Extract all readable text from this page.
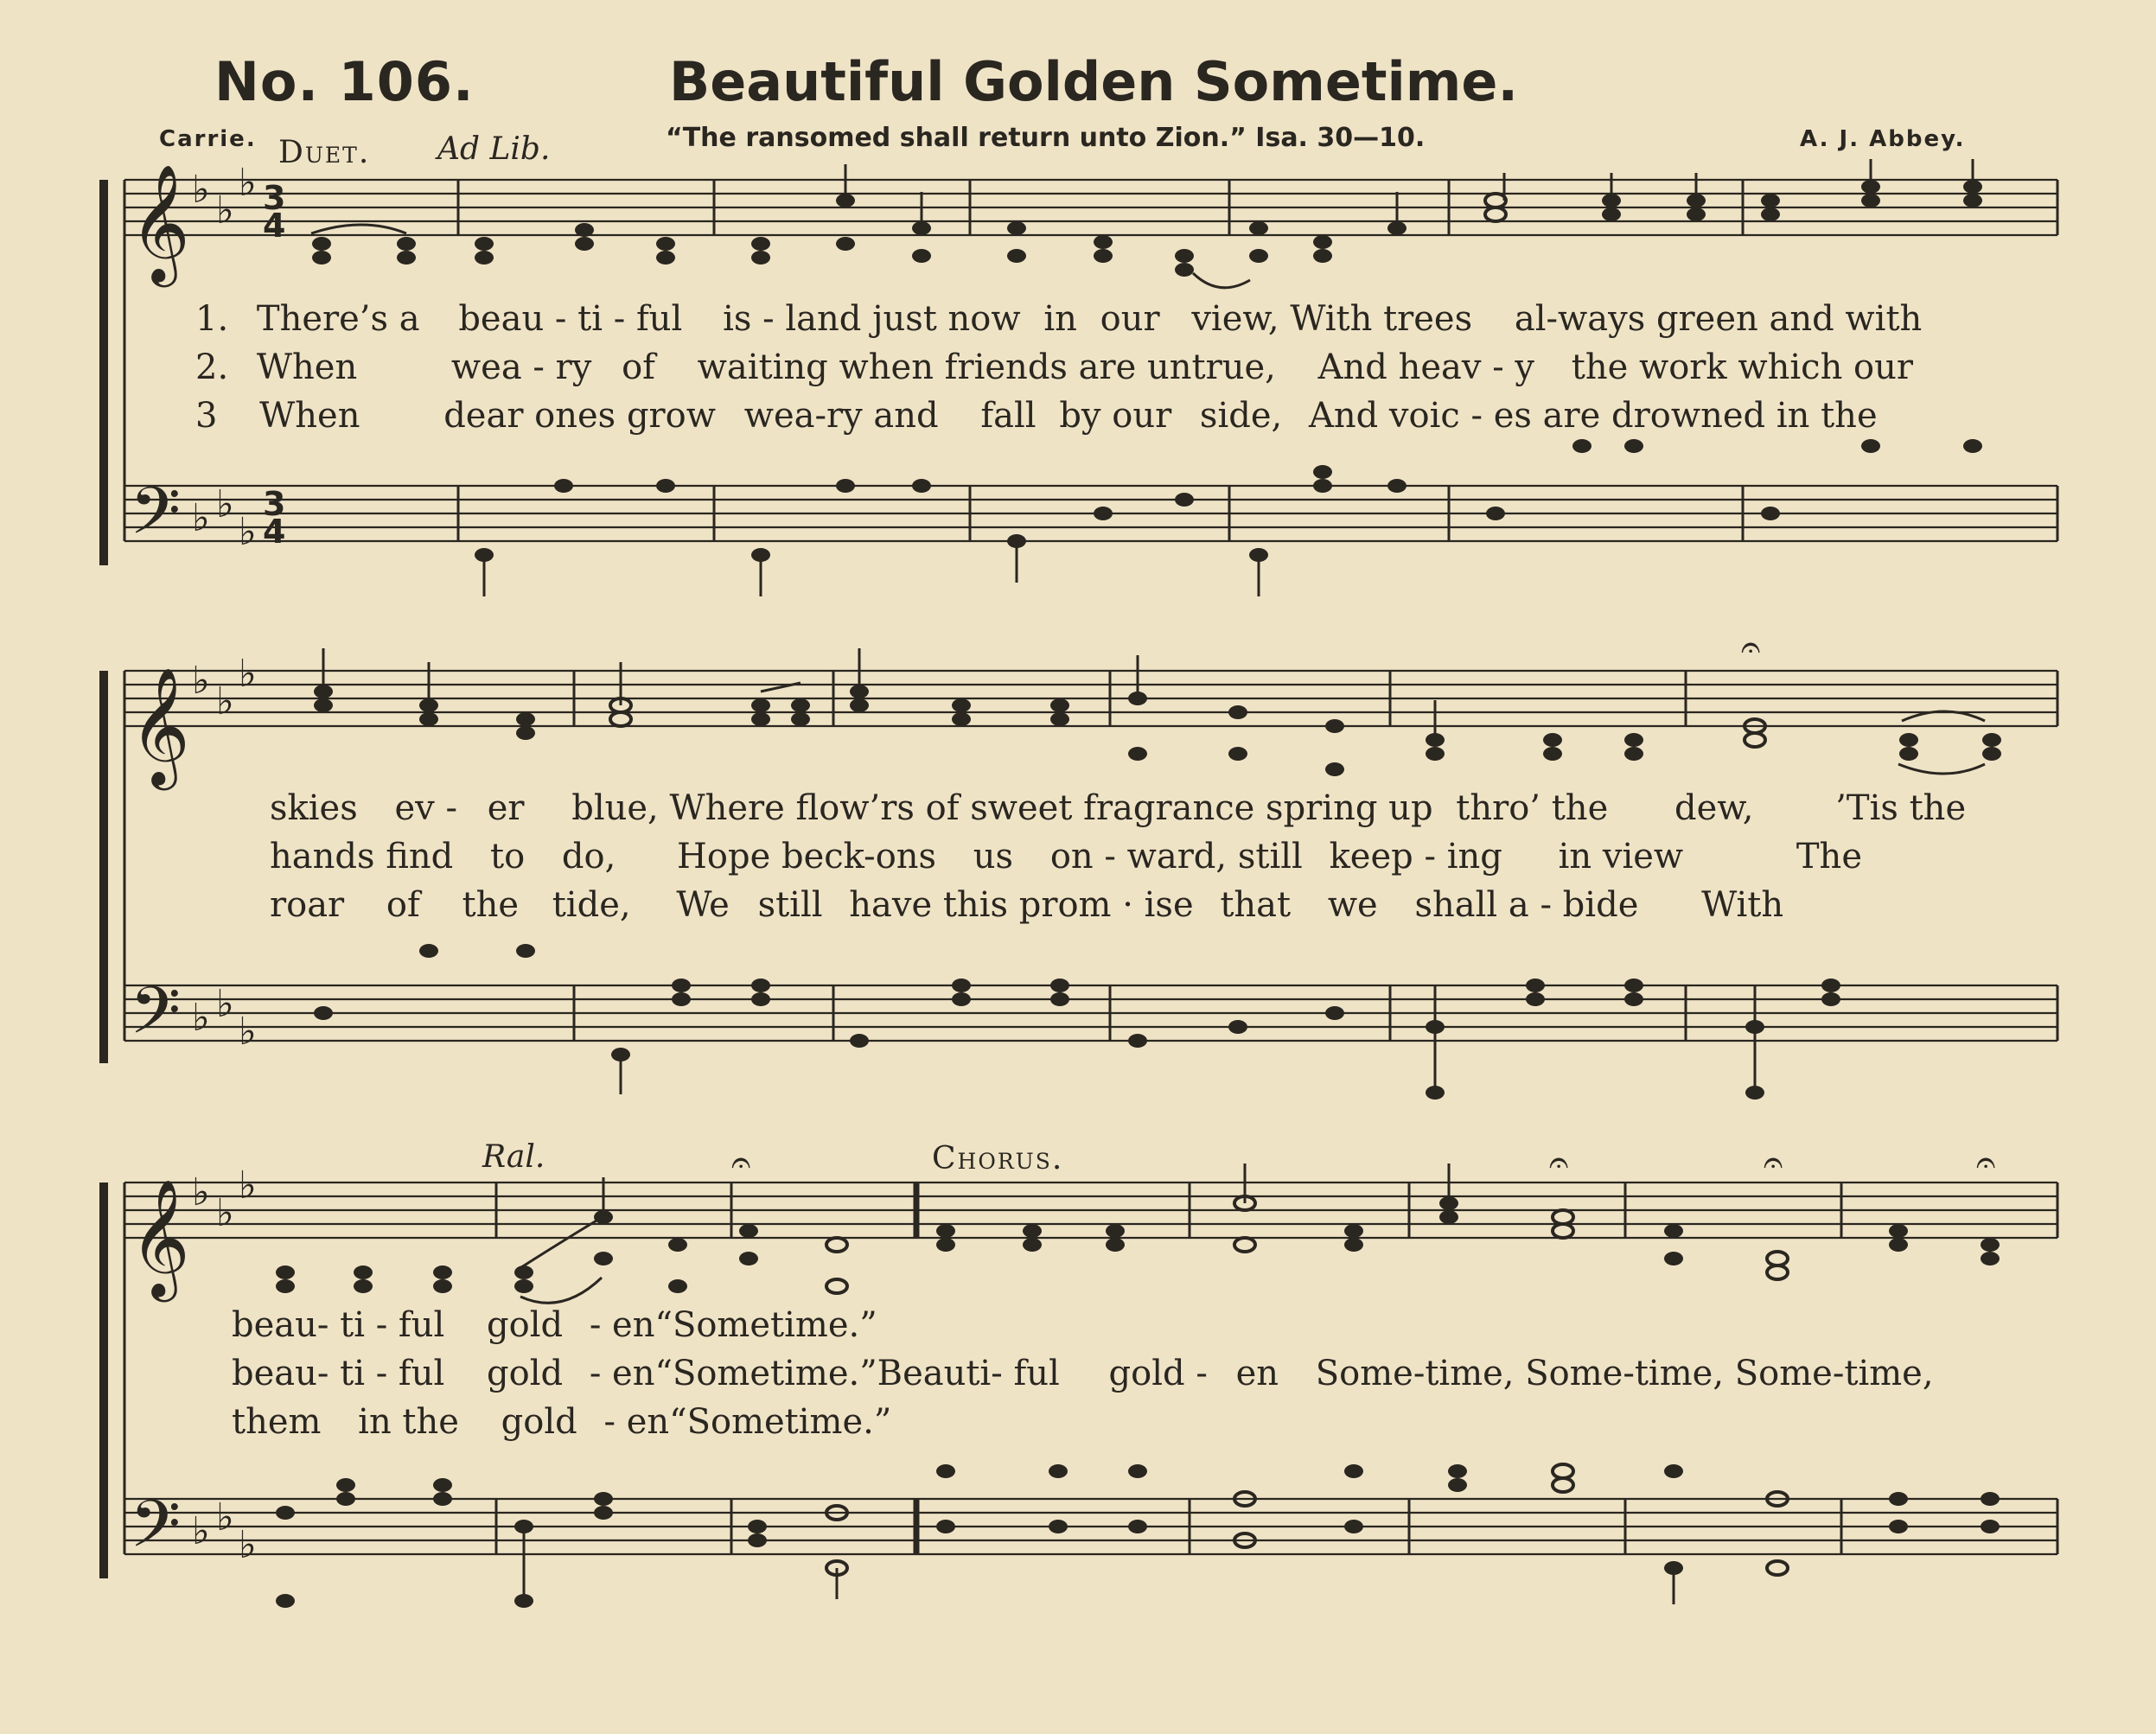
No. 106.	Beautiful Golden Sometime.
Carrie. Duet. Ad Lib.	“The ransomed shall return unto Zion.” Isa. 30—10.	A. J. Abbey.
𝄞
𝄞
𝄞
𝄢
𝄢
𝄢
♭ ♭
♭
♭ ♭
♭
♭ ♭
♭
♭ ♭
♭
♭ ♭
♭
♭ ♭
♭
3
4
3
4
𝄐
𝄐	𝄐	𝄐	𝄐
Ral.	Chorus.
1. There’s a beau - ti - ful is - land just now in our view, With trees al-ways green and with
2. When	wea - ry of waiting when friends are untrue, And heav - y the work which our
3 When dear ones grow wea-ry and fall by our side, And voic - es are drowned in the
skies ev - er blue, Where flow’rs of sweet fragrance spring up thro’ the dew, ’Tis the
hands find to do, Hope beck-ons us on - ward, still keep - ing in view	The
roar of the tide, We still have this prom · ise that we shall a - bide With
beau- ti - ful gold - en“Sometime.”
beau- ti - ful gold - en“Sometime.”Beauti- ful gold - en Some-time, Some-time, Some-time,
them in the gold - en“Sometime.”
